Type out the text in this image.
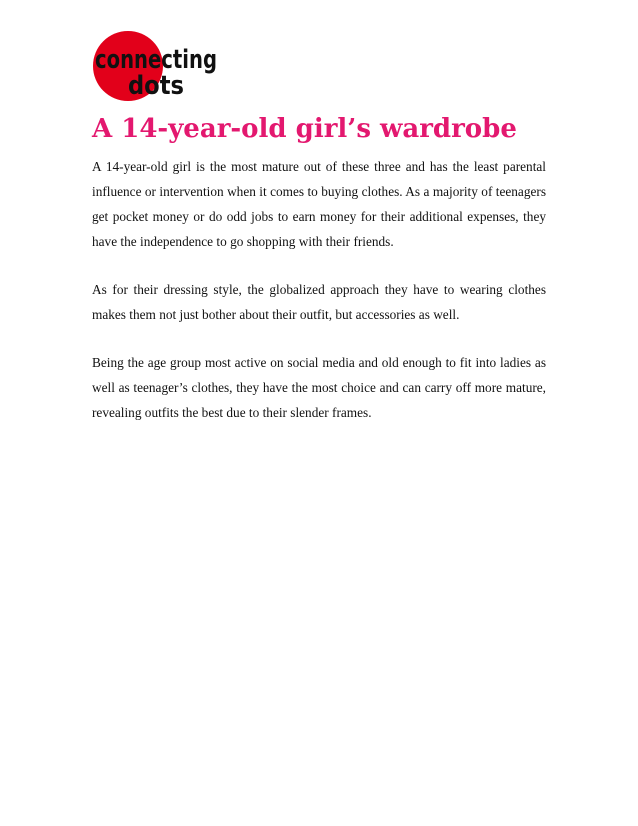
connecting
dots
A 14-year-old girl’s wardrobe

A 14-year-old girl is the most mature out of these three and has the least parental influence or intervention when it comes to buying clothes. As a majority of teenagers get pocket money or do odd jobs to earn money for their additional expenses, they have the independence to go shopping with their friends.

As for their dressing style, the globalized approach they have to wearing clothes makes them not just bother about their outfit, but accessories as well.

Being the age group most active on social media and old enough to fit into ladies as well as teenager’s clothes, they have the most choice and can carry off more mature, revealing outfits the best due to their slender frames.
